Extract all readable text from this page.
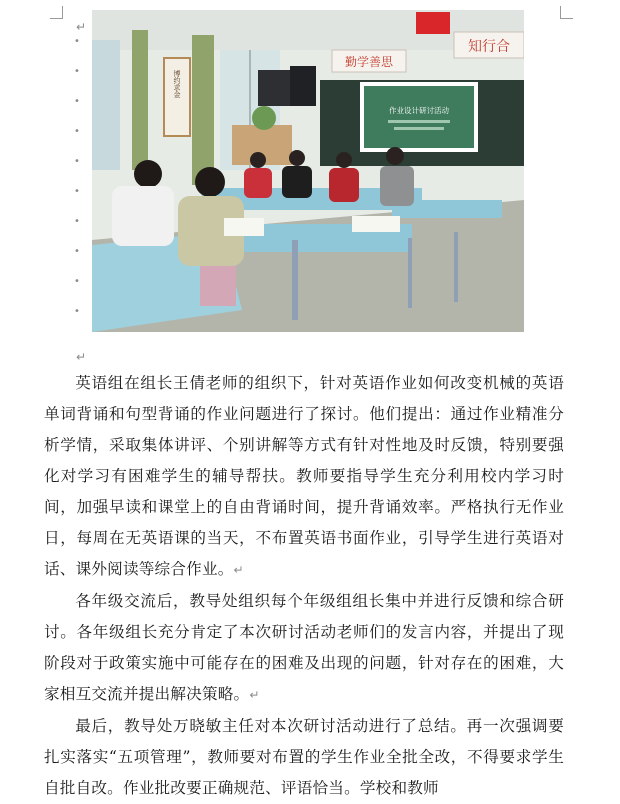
↵
•
•
•
•
•
•
•
•
•
•
博约求金
作业设计研讨活动
勤学善思
知行合
↵

英语组在组长王倩老师的组织下，针对英语作业如何改变机械的英语单词背诵和句型背诵的作业问题进行了探讨。他们提出：通过作业精准分析学情，采取集体讲评、个别讲解等方式有针对性地及时反馈，特别要强化对学习有困难学生的辅导帮扶。教师要指导学生充分利用校内学习时间，加强早读和课堂上的自由背诵时间，提升背诵效率。严格执行无作业日，每周在无英语课的当天，不布置英语书面作业，引导学生进行英语对话、课外阅读等综合作业。↵

各年级交流后，教导处组织每个年级组组长集中并进行反馈和综合研讨。各年级组长充分肯定了本次研讨活动老师们的发言内容，并提出了现阶段对于政策实施中可能存在的困难及出现的问题，针对存在的困难，大家相互交流并提出解决策略。↵

最后，教导处万晓敏主任对本次研讨活动进行了总结。再一次强调要扎实落实“五项管理”，教师要对布置的学生作业全批全改，不得要求学生自批自改。作业批改要正确规范、评语恰当。学校和教师
